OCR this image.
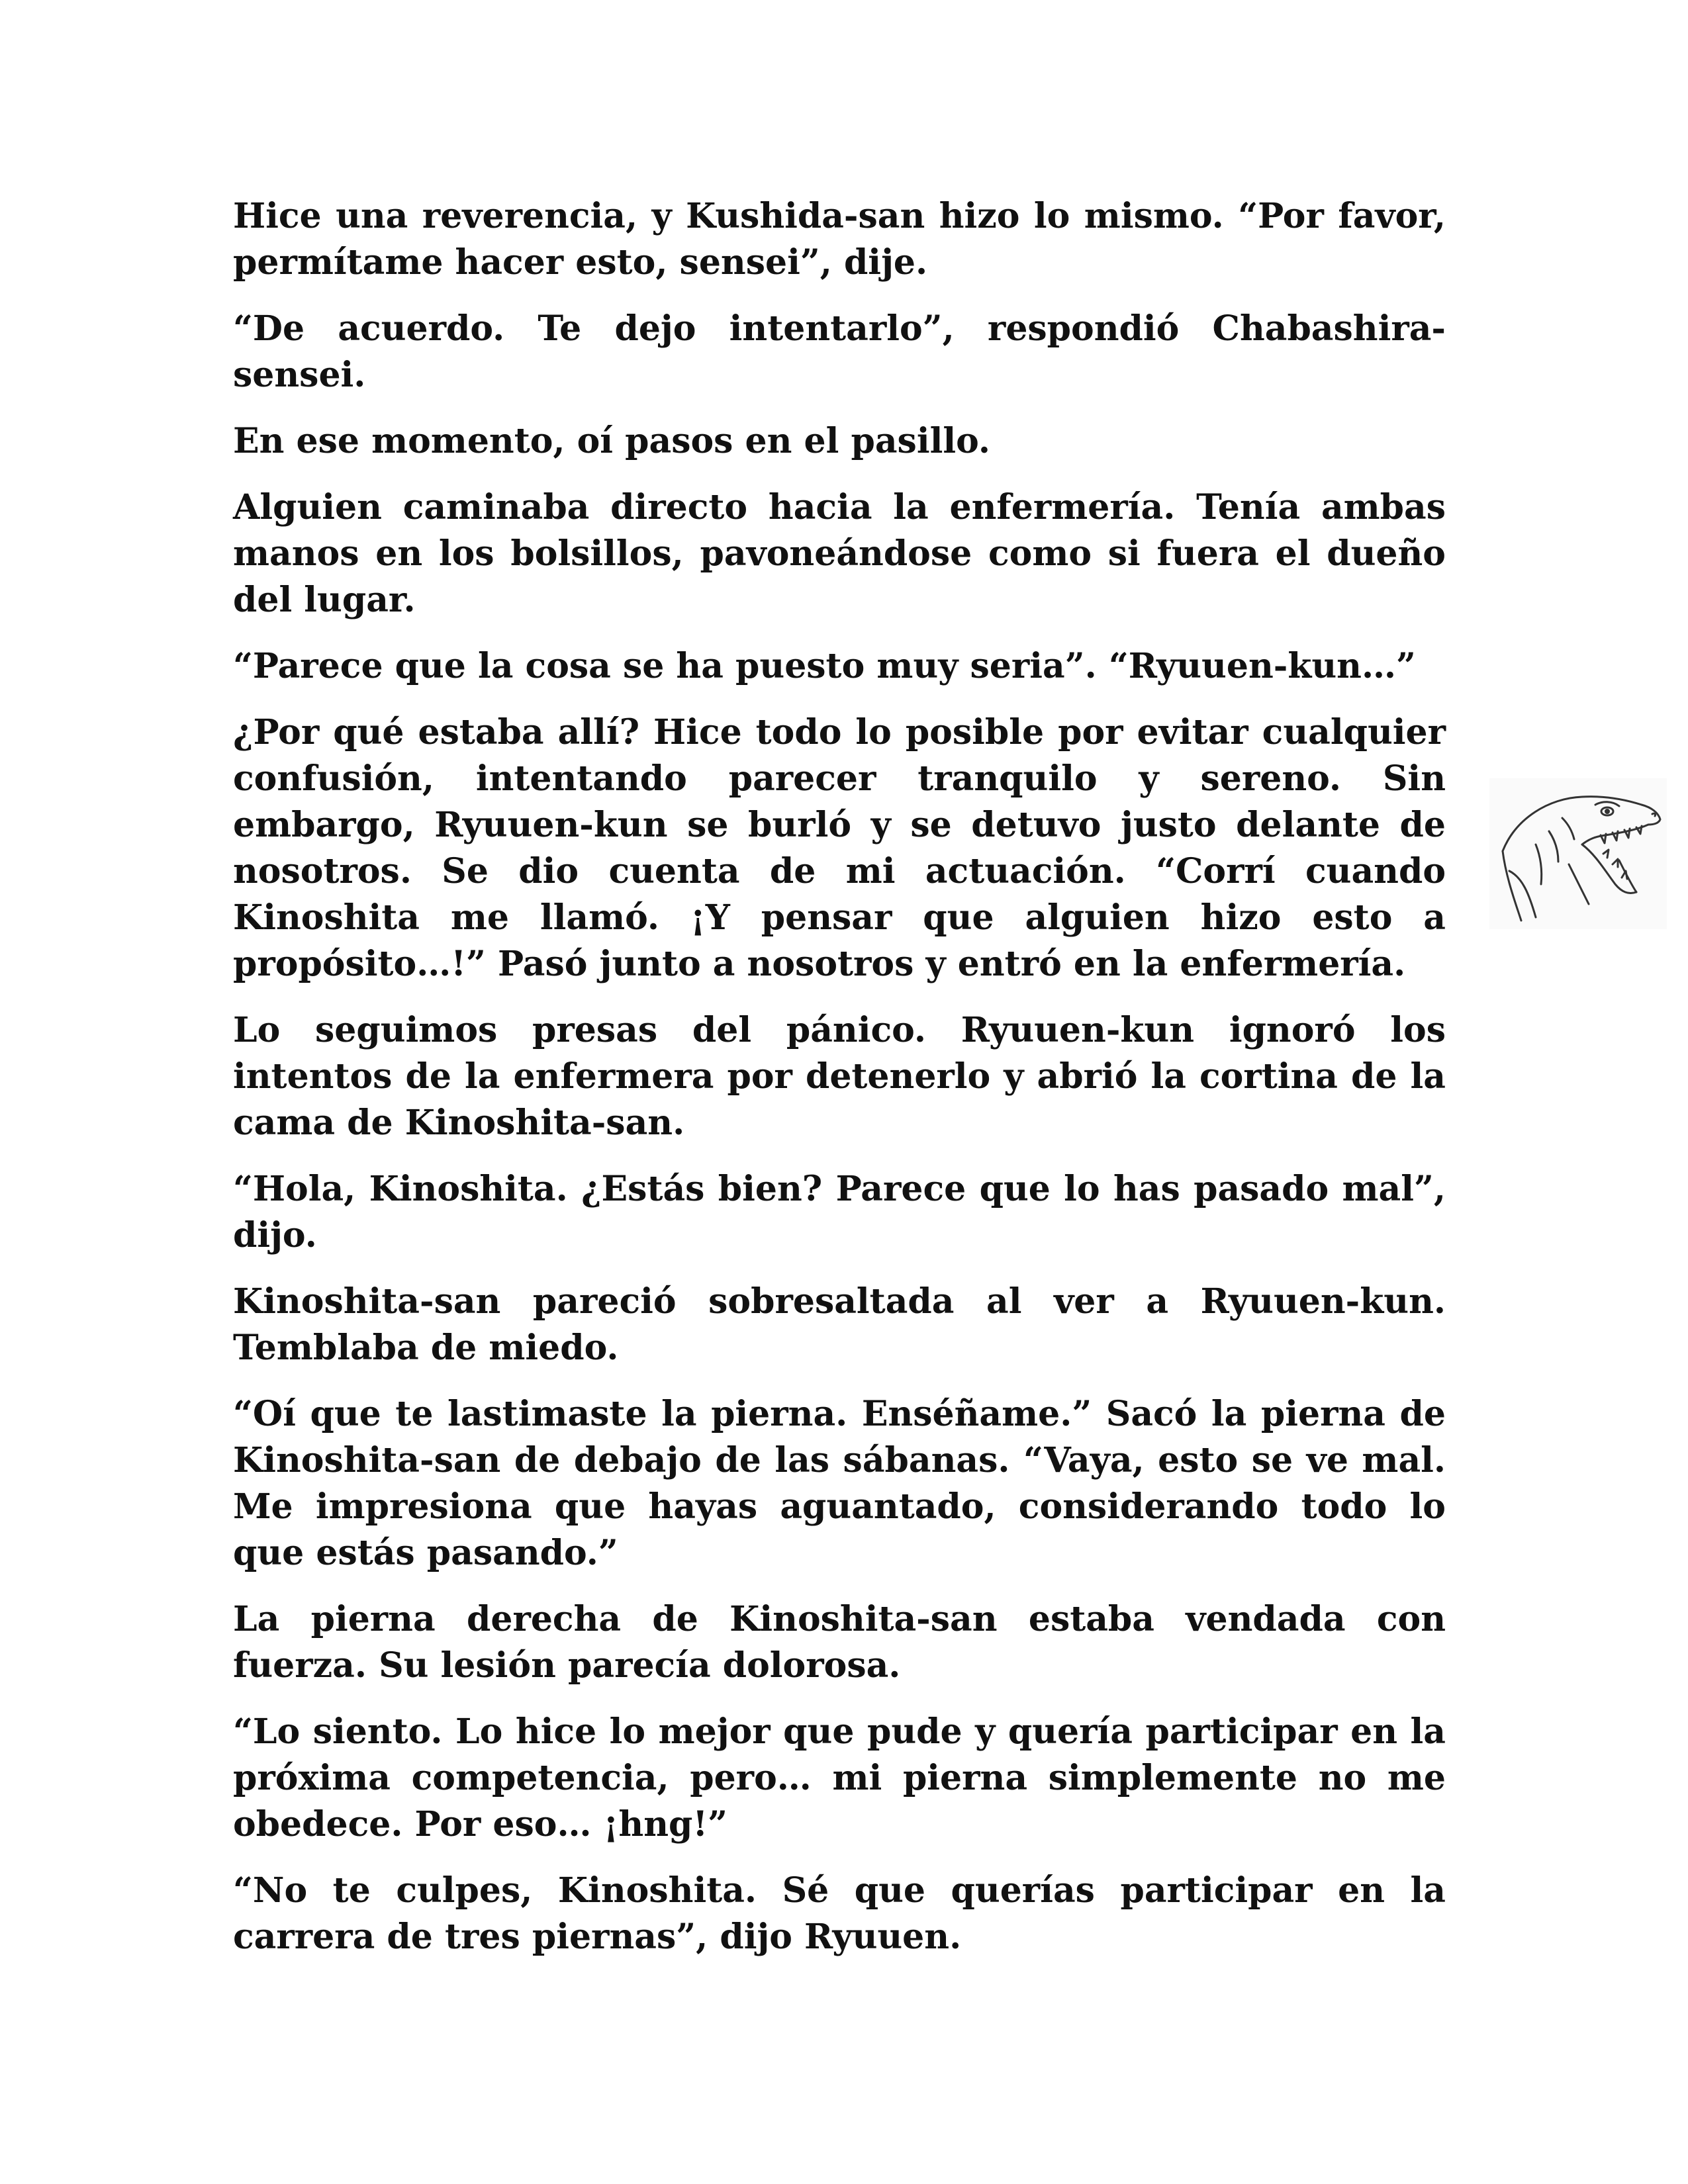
Hice una reverencia, y Kushida-san hizo lo mismo. “Por favor, permítame hacer esto, sensei”, dije.

“De acuerdo. Te dejo intentarlo”, respondió Chabashira-sensei.

En ese momento, oí pasos en el pasillo.

Alguien caminaba directo hacia la enfermería. Tenía ambas manos en los bolsillos, pavoneándose como si fuera el dueño del lugar.

“Parece que la cosa se ha puesto muy seria”. “Ryuuen-kun…”

¿Por qué estaba allí? Hice todo lo posible por evitar cualquier confusión, intentando parecer tranquilo y sereno. Sin embargo, Ryuuen-kun se burló y se detuvo justo delante de nosotros. Se dio cuenta de mi actuación. “Corrí cuando Kinoshita me llamó. ¡Y pensar que alguien hizo esto a propósito…!” Pasó junto a nosotros y entró en la enfermería.

Lo seguimos presas del pánico. Ryuuen-kun ignoró los intentos de la enfermera por detenerlo y abrió la cortina de la cama de Kinoshita-san.

“Hola, Kinoshita. ¿Estás bien? Parece que lo has pasado mal”, dijo.

Kinoshita-san pareció sobresaltada al ver a Ryuuen-kun. Temblaba de miedo.

“Oí que te lastimaste la pierna. Enséñame.” Sacó la pierna de Kinoshita-san de debajo de las sábanas. “Vaya, esto se ve mal. Me impresiona que hayas aguantado, considerando todo lo que estás pasando.”

La pierna derecha de Kinoshita-san estaba vendada con fuerza. Su lesión parecía dolorosa.

“Lo siento. Lo hice lo mejor que pude y quería participar en la próxima competencia, pero… mi pierna simplemente no me obedece. Por eso… ¡hng!”

“No te culpes, Kinoshita. Sé que querías participar en la carrera de tres piernas”, dijo Ryuuen.
